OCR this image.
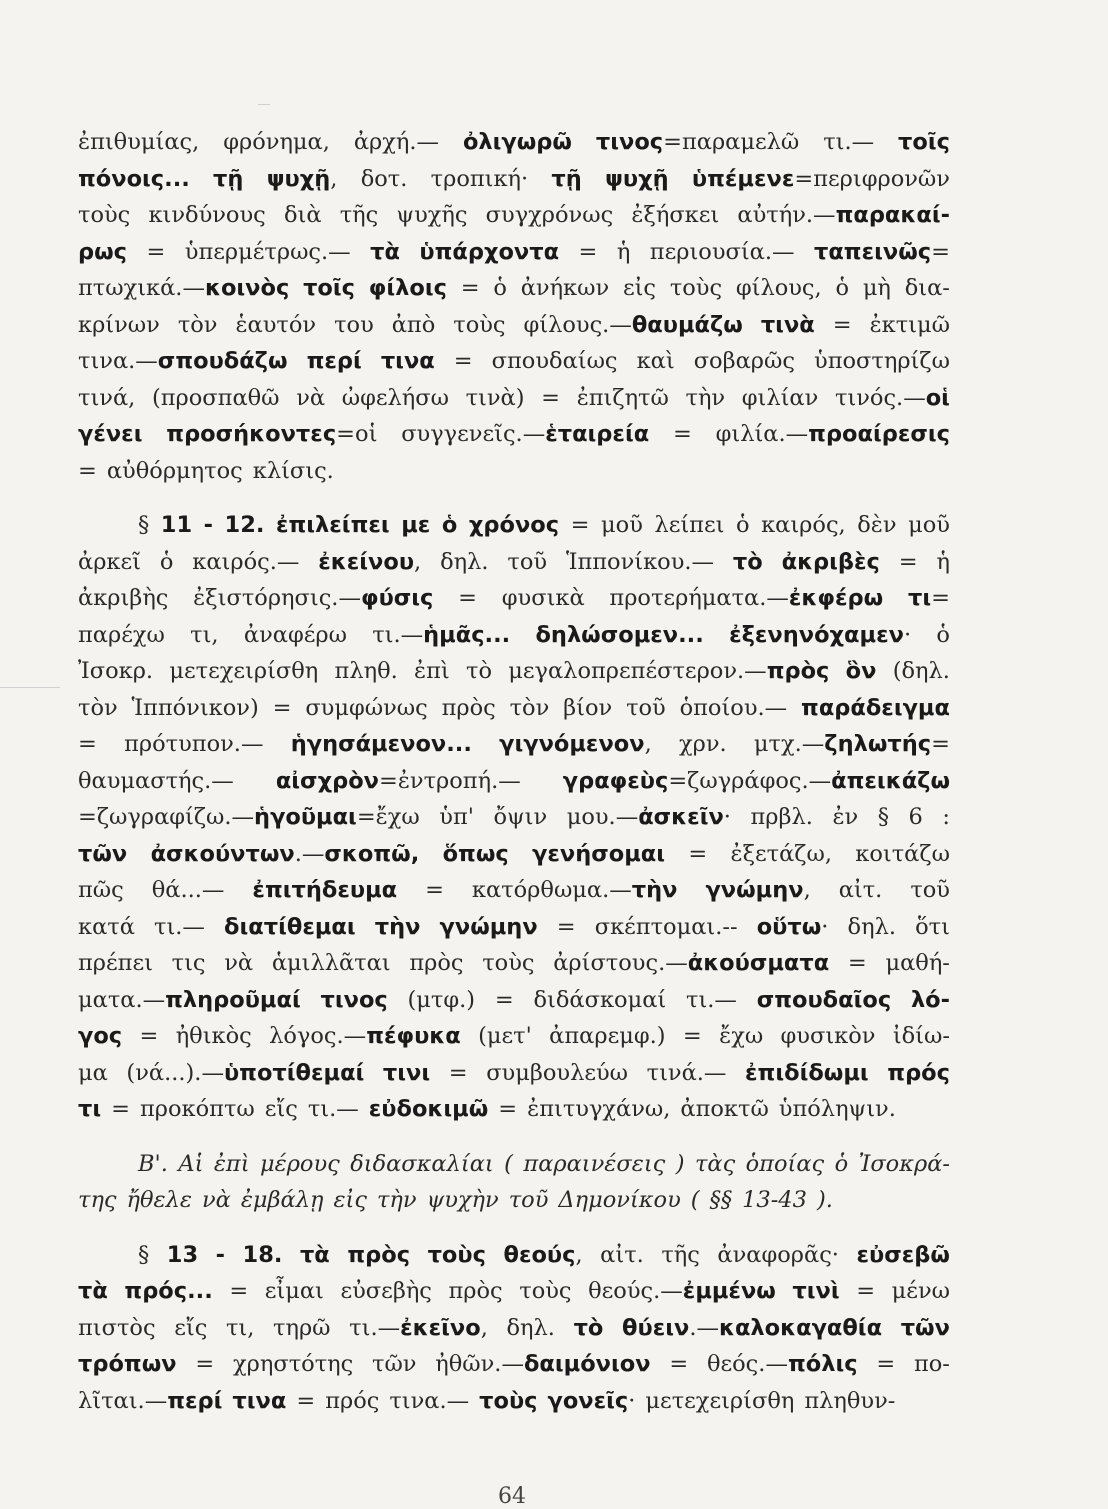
ἐπιθυμίας, φρόνημα, ἀρχή.— ὀλιγωρῶ τινος=παραμελῶ τι.— τοῖς
πόνοις... τῇ ψυχῇ, δοτ. τροπική· τῇ ψυχῇ ὑπέμενε=περιφρονῶν
τοὺς κινδύνους διὰ τῆς ψυχῆς συγχρόνως ἐξήσκει αὐτήν.—παρακαί-
ρως = ὑπερμέτρως.— τὰ ὑπάρχοντα = ἡ περιουσία.— ταπεινῶς=
πτωχικά.—κοινὸς τοῖς φίλοις = ὁ ἀνήκων εἰς τοὺς φίλους, ὁ μὴ δια-
κρίνων τὸν ἑαυτόν του ἀπὸ τοὺς φίλους.—θαυμάζω τινὰ = ἐκτιμῶ
τινα.—σπουδάζω περί τινα = σπουδαίως καὶ σοβαρῶς ὑποστηρίζω
τινά, (προσπαθῶ νὰ ὠφελήσω τινὰ) = ἐπιζητῶ τὴν φιλίαν τινός.—οἱ
γένει προσήκοντες=οἱ συγγενεῖς.—ἑταιρεία = φιλία.—προαίρεσις
= αὐθόρμητος κλίσις.
§ 11 - 12. ἐπιλείπει με ὁ χρόνος = μοῦ λείπει ὁ καιρός, δὲν μοῦ
ἀρκεῖ ὁ καιρός.— ἐκείνου, δηλ. τοῦ Ἱππονίκου.— τὸ ἀκριβὲς = ἡ
ἀκριβὴς ἐξιστόρησις.—φύσις = φυσικὰ προτερήματα.—ἐκφέρω τι=
παρέχω τι, ἀναφέρω τι.—ἡμᾶς... δηλώσομεν... ἐξενηνόχαμεν· ὁ
Ἰσοκρ. μετεχειρίσθη πληθ. ἐπὶ τὸ μεγαλοπρεπέστερον.—πρὸς ὃν (δηλ.
τὸν Ἱππόνικον) = συμφώνως πρὸς τὸν βίον τοῦ ὁποίου.— παράδειγμα
= πρότυπον.— ἡγησάμενον... γιγνόμενον, χρν. μτχ.—ζηλωτής=
θαυμαστής.— αἰσχρὸν=ἐντροπή.— γραφεὺς=ζωγράφος.—ἀπεικάζω
=ζωγραφίζω.—ἡγοῦμαι=ἔχω ὑπ' ὄψιν μου.—ἀσκεῖν· πρβλ. ἐν § 6 :
τῶν ἀσκούντων.—σκοπῶ, ὅπως γενήσομαι = ἐξετάζω, κοιτάζω
πῶς θά...— ἐπιτήδευμα = κατόρθωμα.—τὴν γνώμην, αἰτ. τοῦ
κατά τι.— διατίθεμαι τὴν γνώμην = σκέπτομαι.-- οὕτω· δηλ. ὅτι
πρέπει τις νὰ ἁμιλλᾶται πρὸς τοὺς ἀρίστους.—ἀκούσματα = μαθή-
ματα.—πληροῦμαί τινος (μτφ.) = διδάσκομαί τι.— σπουδαῖος λό-
γος = ἠθικὸς λόγος.—πέφυκα (μετ' ἀπαρεμφ.) = ἔχω φυσικὸν ἰδίω-
μα (νά...).—ὑποτίθεμαί τινι = συμβουλεύω τινά.— ἐπιδίδωμι πρός
τι = προκόπτω εἴς τι.— εὐδοκιμῶ = ἐπιτυγχάνω, ἀποκτῶ ὑπόληψιν.
Β'. Αἱ ἐπὶ μέρους διδασκαλίαι ( παραινέσεις ) τὰς ὁποίας ὁ Ἰσοκρά-
της ἤθελε νὰ ἐμβάλῃ εἰς τὴν ψυχὴν τοῦ Δημονίκου ( §§ 13-43 ).
§ 13 - 18. τὰ πρὸς τοὺς θεούς, αἰτ. τῆς ἀναφορᾶς· εὐσεβῶ
τὰ πρός... = εἶμαι εὐσεβὴς πρὸς τοὺς θεούς.—ἐμμένω τινὶ = μένω
πιστὸς εἴς τι, τηρῶ τι.—ἐκεῖνο, δηλ. τὸ θύειν.—καλοκαγαθία τῶν
τρόπων = χρηστότης τῶν ἠθῶν.—δαιμόνιον = θεός.—πόλις = πο-
λῖται.—περί τινα = πρός τινα.— τοὺς γονεῖς· μετεχειρίσθη πληθυν-
64
